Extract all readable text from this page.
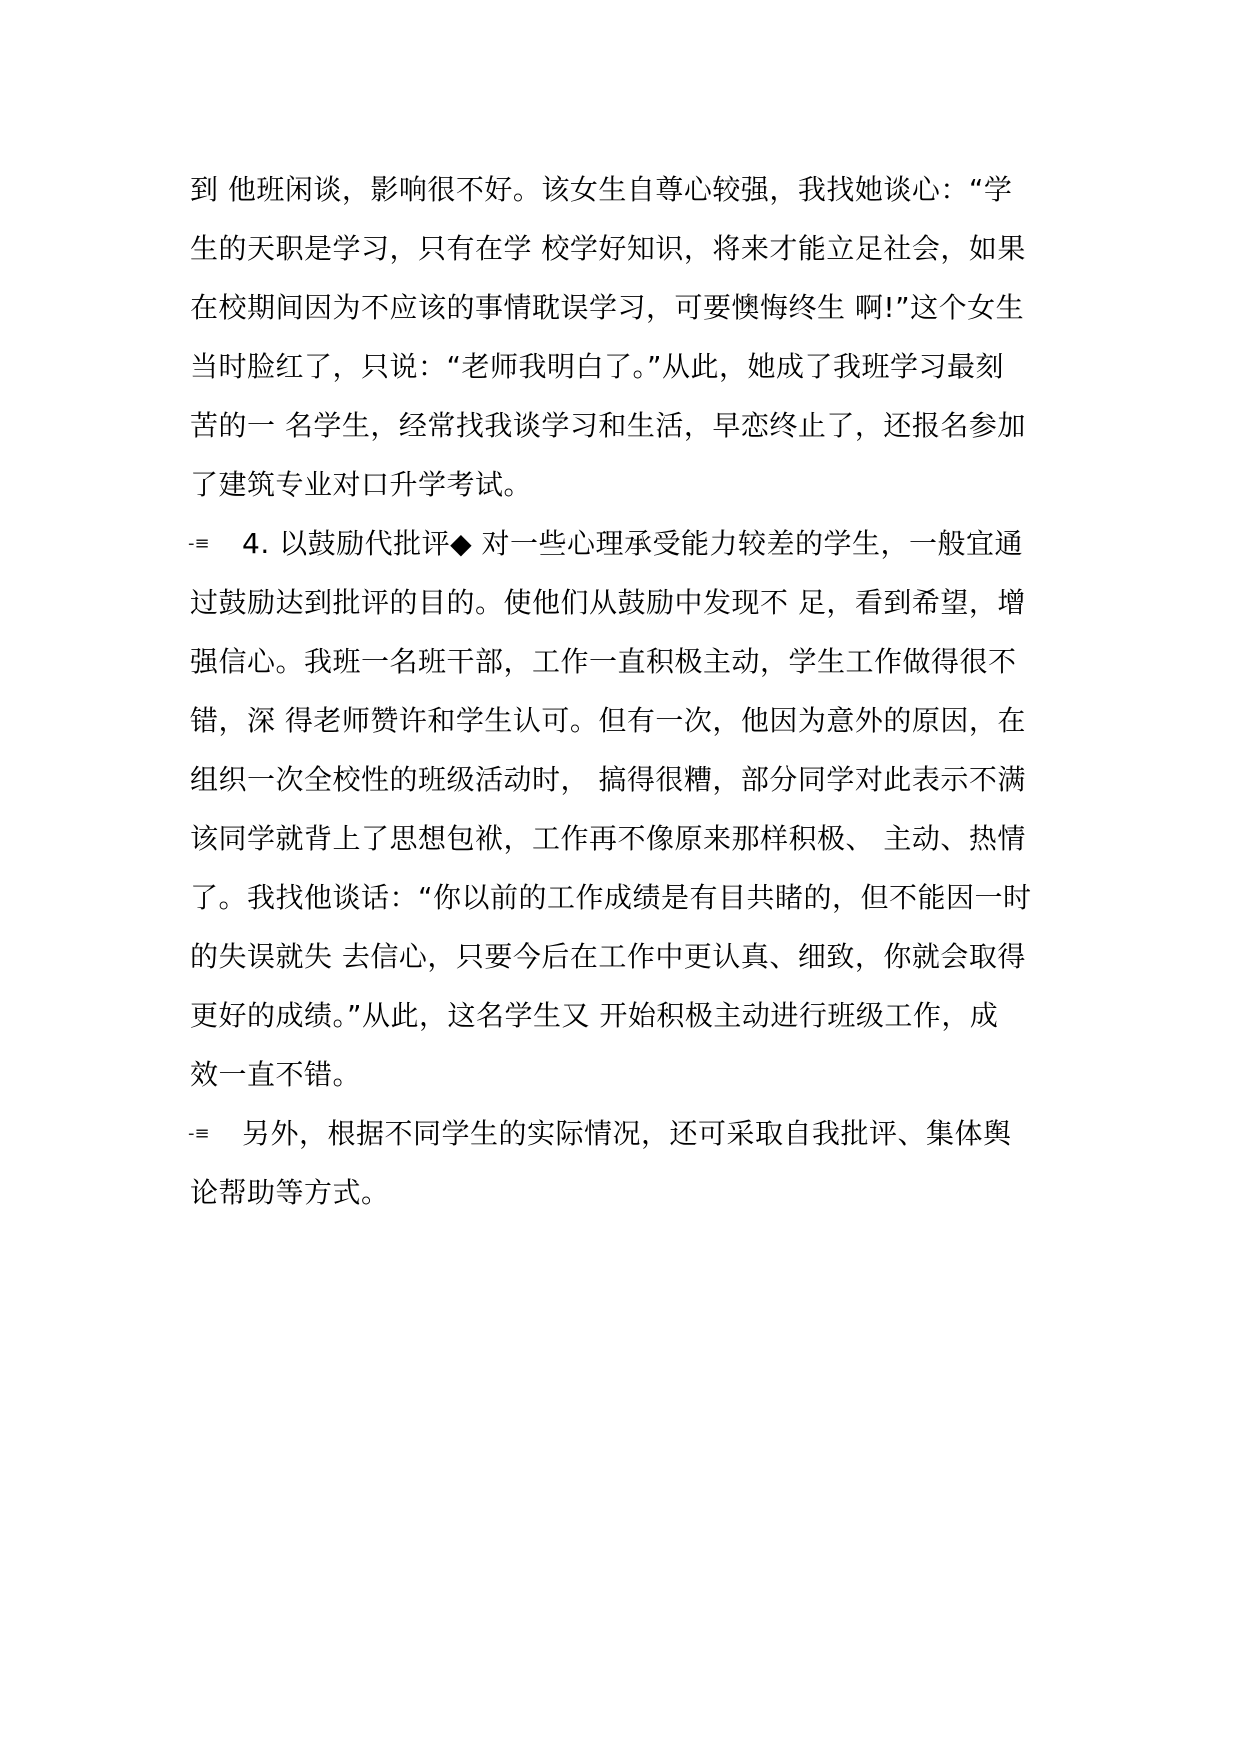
到 他班闲谈，影响很不好。该女生自尊心较强，我找她谈心：“学
生的天职是学习，只有在学 校学好知识，将来才能立足社会，如果
在校期间因为不应该的事情耽误学习，可要懊悔终生 啊!”这个女生
当时脸红了，只说：“老师我明白了。”从此，她成了我班学习最刻
苦的一 名学生，经常找我谈学习和生活，早恋终止了，还报名参加
了建筑专业对口升学考试。
-≡ 4. 以鼓励代批评◆ 对一些心理承受能力较差的学生，一般宜通
过鼓励达到批评的目的。使他们从鼓励中发现不 足，看到希望，增
强信心。我班一名班干部，工作一直积极主动，学生工作做得很不
错，深 得老师赞许和学生认可。但有一次，他因为意外的原因，在
组织一次全校性的班级活动时， 搞得很糟，部分同学对此表示不满
该同学就背上了思想包袱，工作再不像原来那样积极、 主动、热情
了。我找他谈话：“你以前的工作成绩是有目共睹的，但不能因一时
的失误就失 去信心，只要今后在工作中更认真、细致，你就会取得
更好的成绩。”从此，这名学生又 开始积极主动进行班级工作，成
效一直不错。
-≡ 另外，根据不同学生的实际情况，还可采取自我批评、集体舆
论帮助等方式。
